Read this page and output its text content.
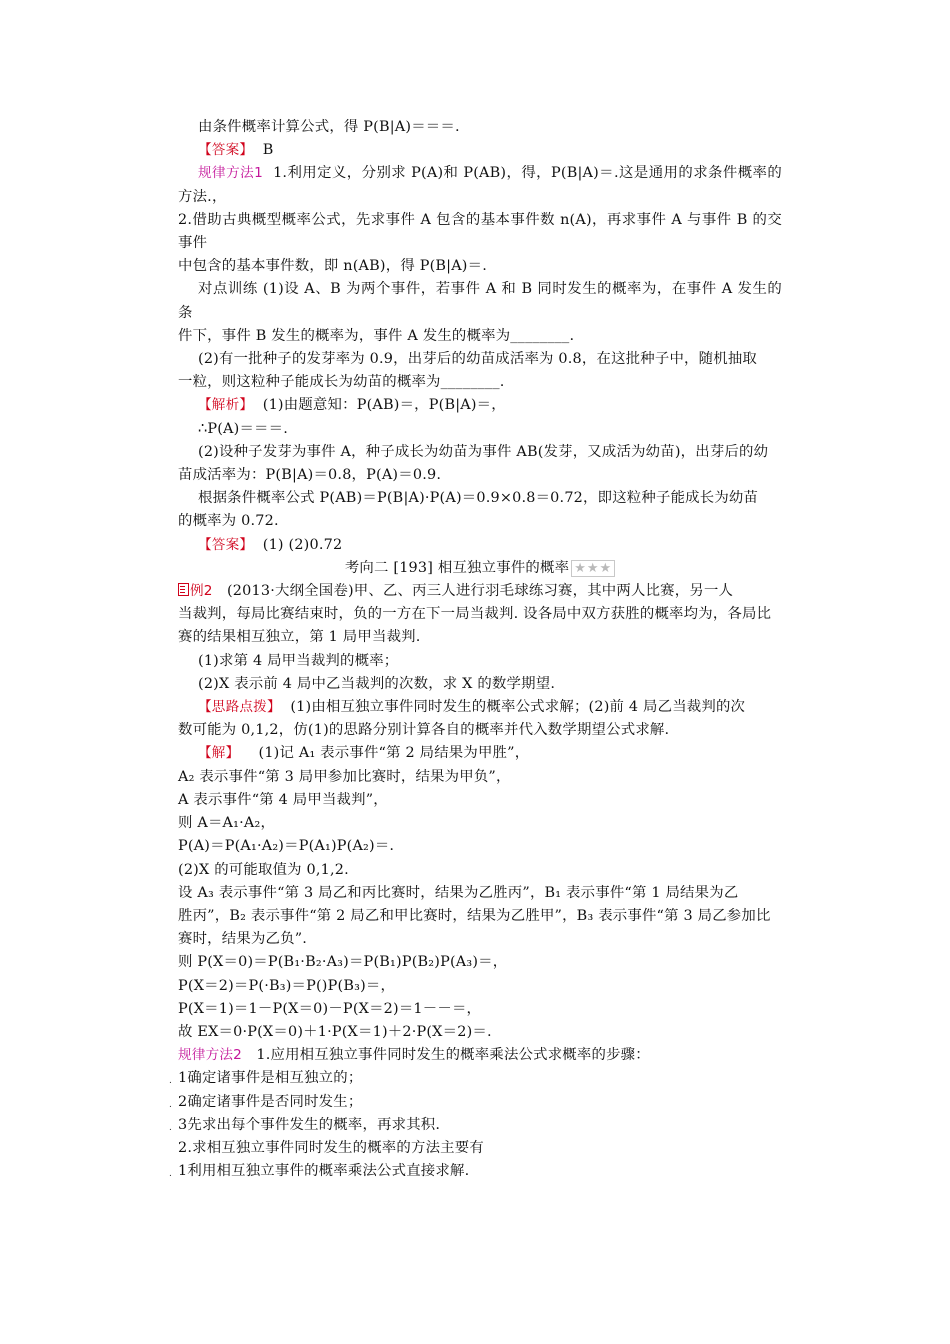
由条件概率计算公式，得 P(B|A)＝＝＝.

【答案】 B

规律方法1 1.利用定义，分别求 P(A)和 P(AB)，得，P(B|A)＝.这是通用的求条件概率的方法.，

2.借助古典概型概率公式，先求事件 A 包含的基本事件数 n(A)，再求事件 A 与事件 B 的交事件

中包含的基本事件数，即 n(AB)，得 P(B|A)＝.

对点训练 (1)设 A、B 为两个事件，若事件 A 和 B 同时发生的概率为，在事件 A 发生的条

件下，事件 B 发生的概率为，事件 A 发生的概率为________.

(2)有一批种子的发芽率为 0.9，出芽后的幼苗成活率为 0.8，在这批种子中，随机抽取

一粒，则这粒种子能成长为幼苗的概率为________.

【解析】 (1)由题意知：P(AB)＝，P(B|A)＝，

∴P(A)＝＝＝.

(2)设种子发芽为事件 A，种子成长为幼苗为事件 AB(发芽，又成活为幼苗)，出芽后的幼

苗成活率为：P(B|A)＝0.8，P(A)＝0.9.

根据条件概率公式 P(AB)＝P(B|A)·P(A)＝0.9×0.8＝0.72，即这粒种子能成长为幼苗

的概率为 0.72.

【答案】 (1) (2)0.72

考向二 [193] 相互独立事件的概率 ★★★

例2 (2013·大纲全国卷)甲、乙、丙三人进行羽毛球练习赛，其中两人比赛，另一人

当裁判，每局比赛结束时，负的一方在下一局当裁判. 设各局中双方获胜的概率均为，各局比

赛的结果相互独立，第 1 局甲当裁判.

(1)求第 4 局甲当裁判的概率；

(2)X 表示前 4 局中乙当裁判的次数，求 X 的数学期望.

【思路点拨】 (1)由相互独立事件同时发生的概率公式求解；(2)前 4 局乙当裁判的次

数可能为 0,1,2，仿(1)的思路分别计算各自的概率并代入数学期望公式求解.

【解】 (1)记 A₁ 表示事件“第 2 局结果为甲胜”，

A₂ 表示事件“第 3 局甲参加比赛时，结果为甲负”，

A 表示事件“第 4 局甲当裁判”，

则 A＝A₁·A₂，

P(A)＝P(A₁·A₂)＝P(A₁)P(A₂)＝.

(2)X 的可能取值为 0,1,2.

设 A₃ 表示事件“第 3 局乙和丙比赛时，结果为乙胜丙”，B₁ 表示事件“第 1 局结果为乙

胜丙”，B₂ 表示事件“第 2 局乙和甲比赛时，结果为乙胜甲”，B₃ 表示事件“第 3 局乙参加比

赛时，结果为乙负”.

则 P(X＝0)＝P(B₁·B₂·A₃)＝P(B₁)P(B₂)P(A₃)＝，

P(X＝2)＝P(·B₃)＝P()P(B₃)＝，

P(X＝1)＝1－P(X＝0)－P(X＝2)＝1－－＝，

故 EX＝0·P(X＝0)＋1·P(X＝1)＋2·P(X＝2)＝.

规律方法2 1.应用相互独立事件同时发生的概率乘法公式求概率的步骤：

. 1确定诸事件是相互独立的；

. 2确定诸事件是否同时发生；

. 3先求出每个事件发生的概率，再求其积.

2.求相互独立事件同时发生的概率的方法主要有

. 1利用相互独立事件的概率乘法公式直接求解.
